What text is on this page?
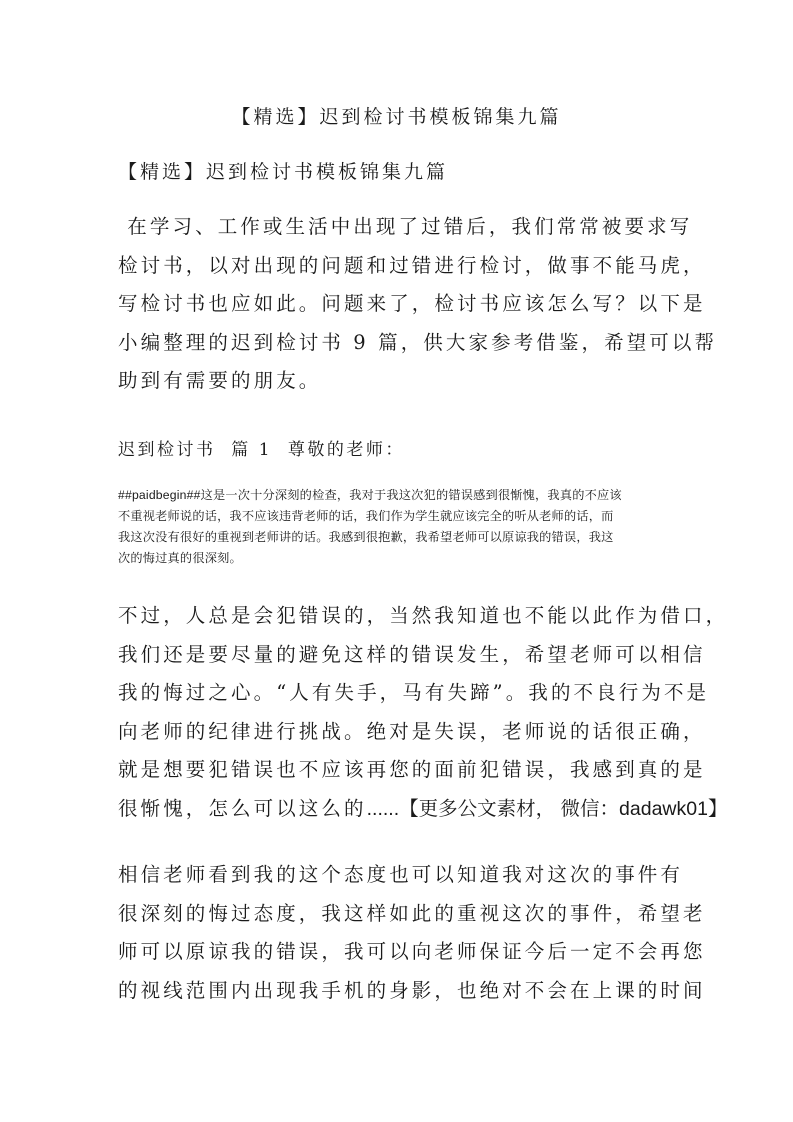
【精选】迟到检讨书模板锦集九篇
【精选】迟到检讨书模板锦集九篇

在学习、工作或生活中出现了过错后，我们常常被要求写
检讨书，以对出现的问题和过错进行检讨，做事不能马虎，
写检讨书也应如此。问题来了，检讨书应该怎么写？以下是
小编整理的迟到检讨书 9 篇，供大家参考借鉴，希望可以帮
助到有需要的朋友。

迟到检讨书  篇 1  尊敬的老师：

##paidbegin##这是一次十分深刻的检查，我对于我这次犯的错误感到很惭愧，我真的不应该
不重视老师说的话，我不应该违背老师的话，我们作为学生就应该完全的听从老师的话，而
我这次没有很好的重视到老师讲的话。我感到很抱歉，我希望老师可以原谅我的错误，我这
次的悔过真的很深刻。

不过，人总是会犯错误的，当然我知道也不能以此作为借口，
我们还是要尽量的避免这样的错误发生，希望老师可以相信
我的悔过之心。“人有失手，马有失蹄”。我的不良行为不是
向老师的纪律进行挑战。绝对是失误，老师说的话很正确，
就是想要犯错误也不应该再您的面前犯错误，我感到真的是
很惭愧，怎么可以这么的......【更多公文素材， 微信：dadawk01】

相信老师看到我的这个态度也可以知道我对这次的事件有
很深刻的悔过态度，我这样如此的重视这次的事件，希望老
师可以原谅我的错误，我可以向老师保证今后一定不会再您
的视线范围内出现我手机的身影，也绝对不会在上课的时间
